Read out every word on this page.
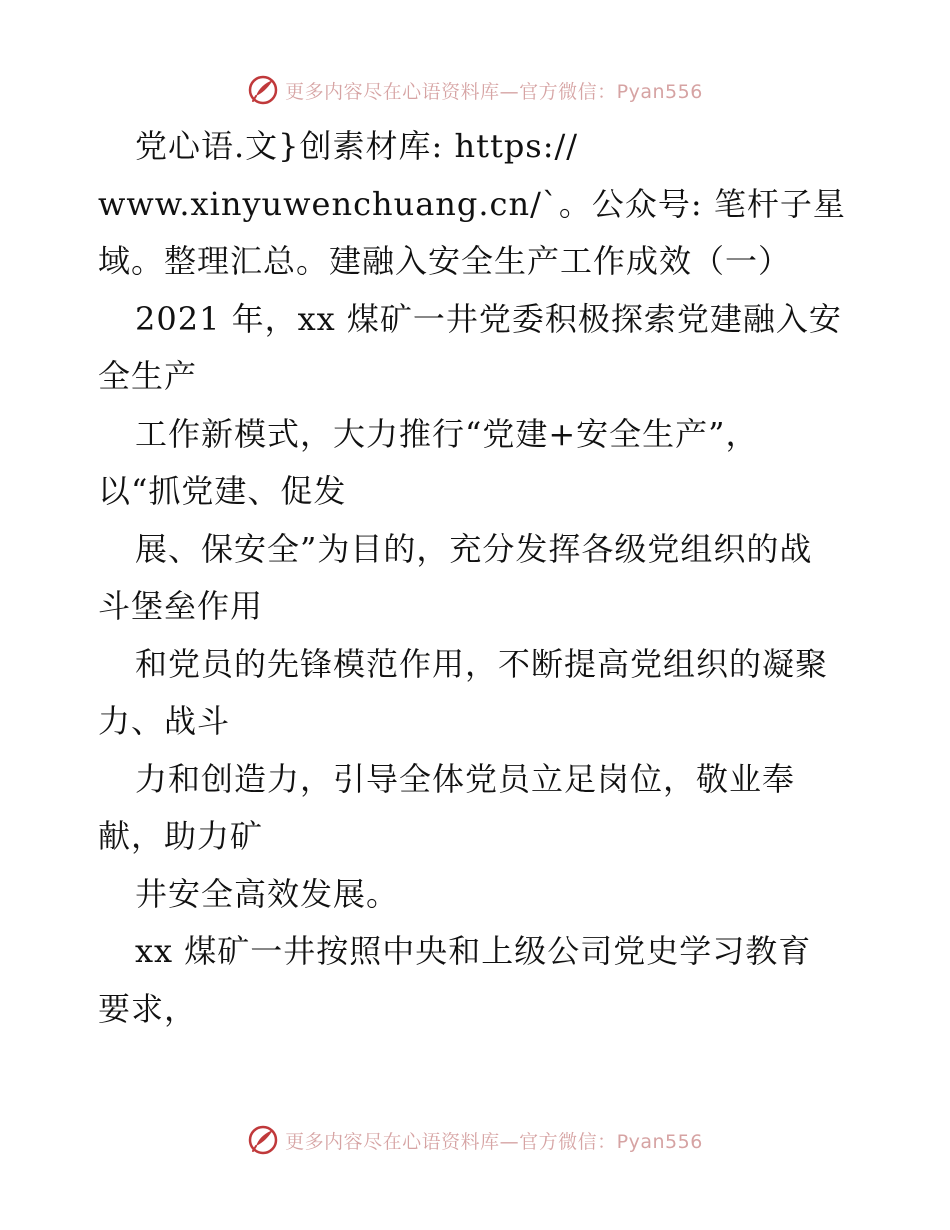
更多内容尽在心语资料库—官方微信：Pyan556
党心语.文}创素材库: https://
www.xinyuwenchuang.cn/`。公众号: 笔杆子星
域。整理汇总。建融入安全生产工作成效（一）
2021 年，xx 煤矿一井党委积极探索党建融入安
全生产
工作新模式，大力推行“党建+安全生产”，
以“抓党建、促发
展、保安全”为目的，充分发挥各级党组织的战
斗堡垒作用
和党员的先锋模范作用，不断提高党组织的凝聚
力、战斗
力和创造力，引导全体党员立足岗位，敬业奉
献，助力矿
井安全高效发展。
xx 煤矿一井按照中央和上级公司党史学习教育
要求，
更多内容尽在心语资料库—官方微信：Pyan556
